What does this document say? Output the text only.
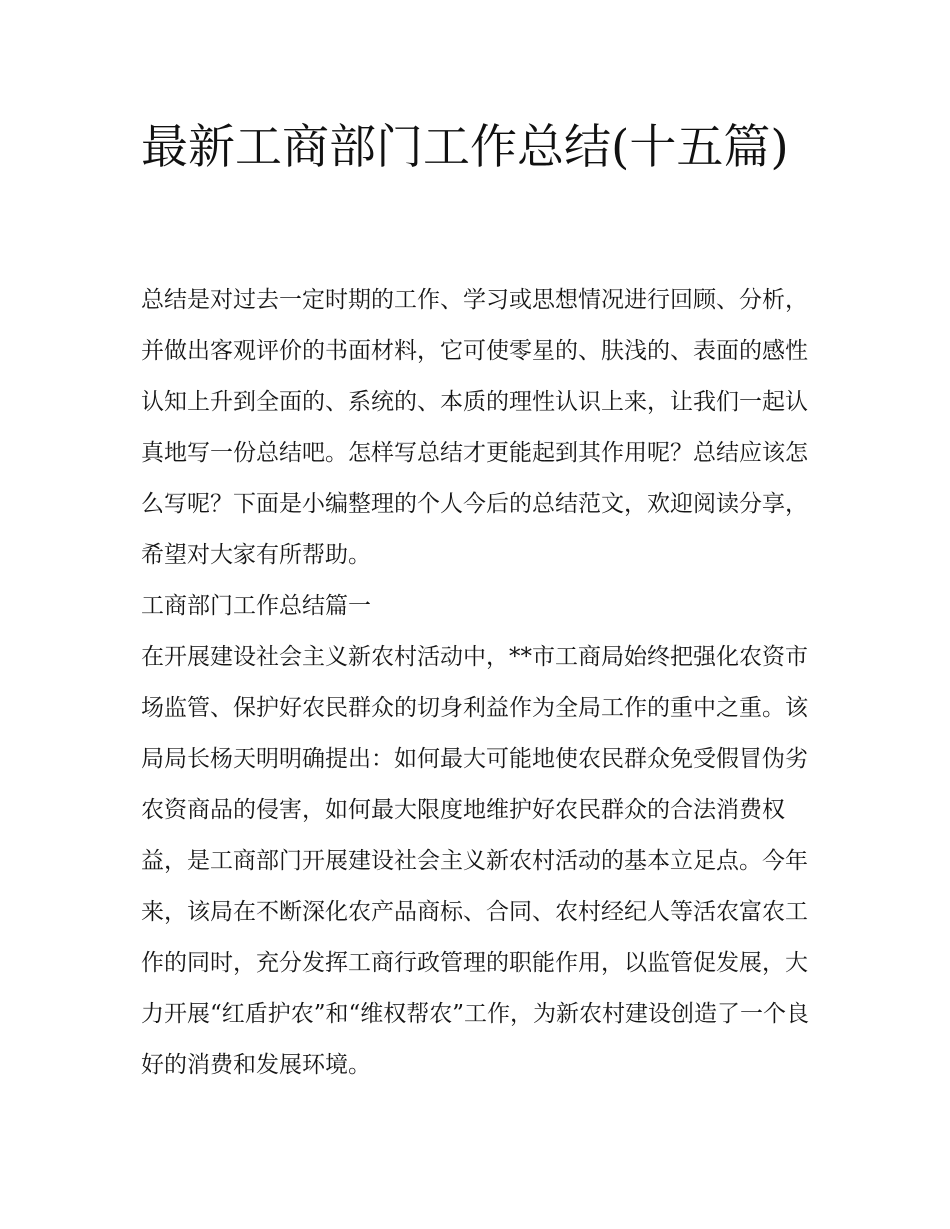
最新工商部门工作总结(十五篇)

总结是对过去一定时期的工作、学习或思想情况进行回顾、分析，并做出客观评价的书面材料，它可使零星的、肤浅的、表面的感性认知上升到全面的、系统的、本质的理性认识上来，让我们一起认真地写一份总结吧。怎样写总结才更能起到其作用呢？总结应该怎么写呢？下面是小编整理的个人今后的总结范文，欢迎阅读分享，希望对大家有所帮助。

工商部门工作总结篇一

在开展建设社会主义新农村活动中，**市工商局始终把强化农资市场监管、保护好农民群众的切身利益作为全局工作的重中之重。该局局长杨天明明确提出：如何最大可能地使农民群众免受假冒伪劣农资商品的侵害，如何最大限度地维护好农民群众的合法消费权益，是工商部门开展建设社会主义新农村活动的基本立足点。今年来，该局在不断深化农产品商标、合同、农村经纪人等活农富农工作的同时，充分发挥工商行政管理的职能作用，以监管促发展，大力开展“红盾护农”和“维权帮农”工作，为新农村建设创造了一个良好的消费和发展环境。
